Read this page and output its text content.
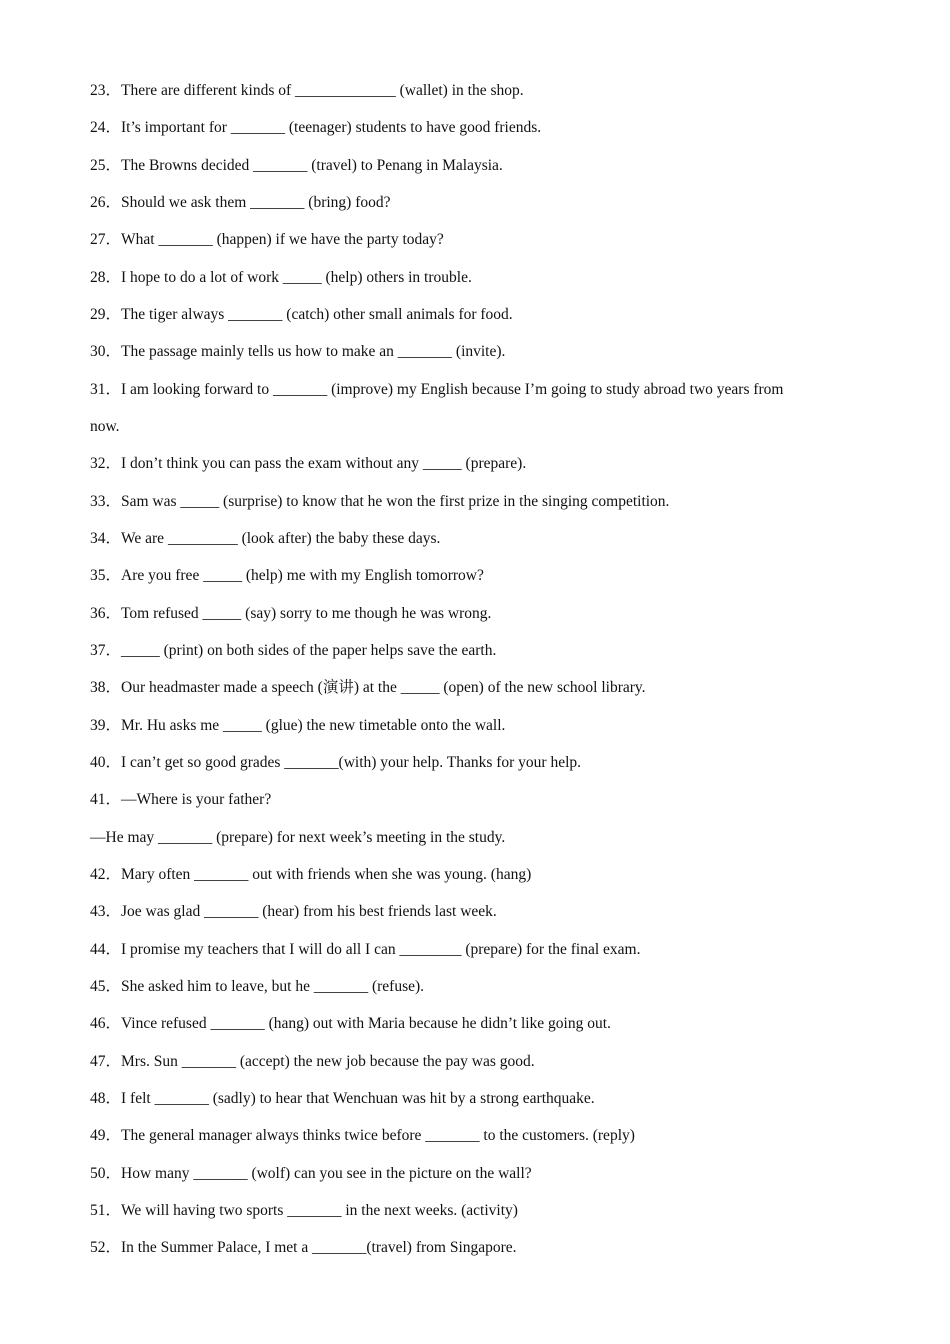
23．There are different kinds of _____________ (wallet) in the shop.
24．It’s important for _______ (teenager) students to have good friends.
25．The Browns decided _______ (travel) to Penang in Malaysia.
26．Should we ask them _______ (bring) food?
27．What _______ (happen) if we have the party today?
28．I hope to do a lot of work _____ (help) others in trouble.
29．The tiger always _______ (catch) other small animals for food.
30．The passage mainly tells us how to make an _______ (invite).
31．I am looking forward to _______ (improve) my English because I’m going to study abroad two years from
now.
32．I don’t think you can pass the exam without any _____ (prepare).
33．Sam was _____ (surprise) to know that he won the first prize in the singing competition.
34．We are _________ (look after) the baby these days.
35．Are you free _____ (help) me with my English tomorrow?
36．Tom refused _____ (say) sorry to me though he was wrong.
37．_____ (print) on both sides of the paper helps save the earth.
38．Our headmaster made a speech (演讲) at the _____ (open) of the new school library.
39．Mr. Hu asks me _____ (glue) the new timetable onto the wall.
40．I can’t get so good grades _______(with) your help. Thanks for your help.
41．—Where is your father?
—He may _______ (prepare) for next week’s meeting in the study.
42．Mary often _______ out with friends when she was young. (hang)
43．Joe was glad _______ (hear) from his best friends last week.
44．I promise my teachers that I will do all I can ________ (prepare) for the final exam.
45．She asked him to leave, but he _______ (refuse).
46．Vince refused _______ (hang) out with Maria because he didn’t like going out.
47．Mrs. Sun _______ (accept) the new job because the pay was good.
48．I felt _______ (sadly) to hear that Wenchuan was hit by a strong earthquake.
49．The general manager always thinks twice before _______ to the customers. (reply)
50．How many _______ (wolf) can you see in the picture on the wall?
51．We will having two sports _______ in the next weeks. (activity)
52．In the Summer Palace, I met a _______(travel) from Singapore.
